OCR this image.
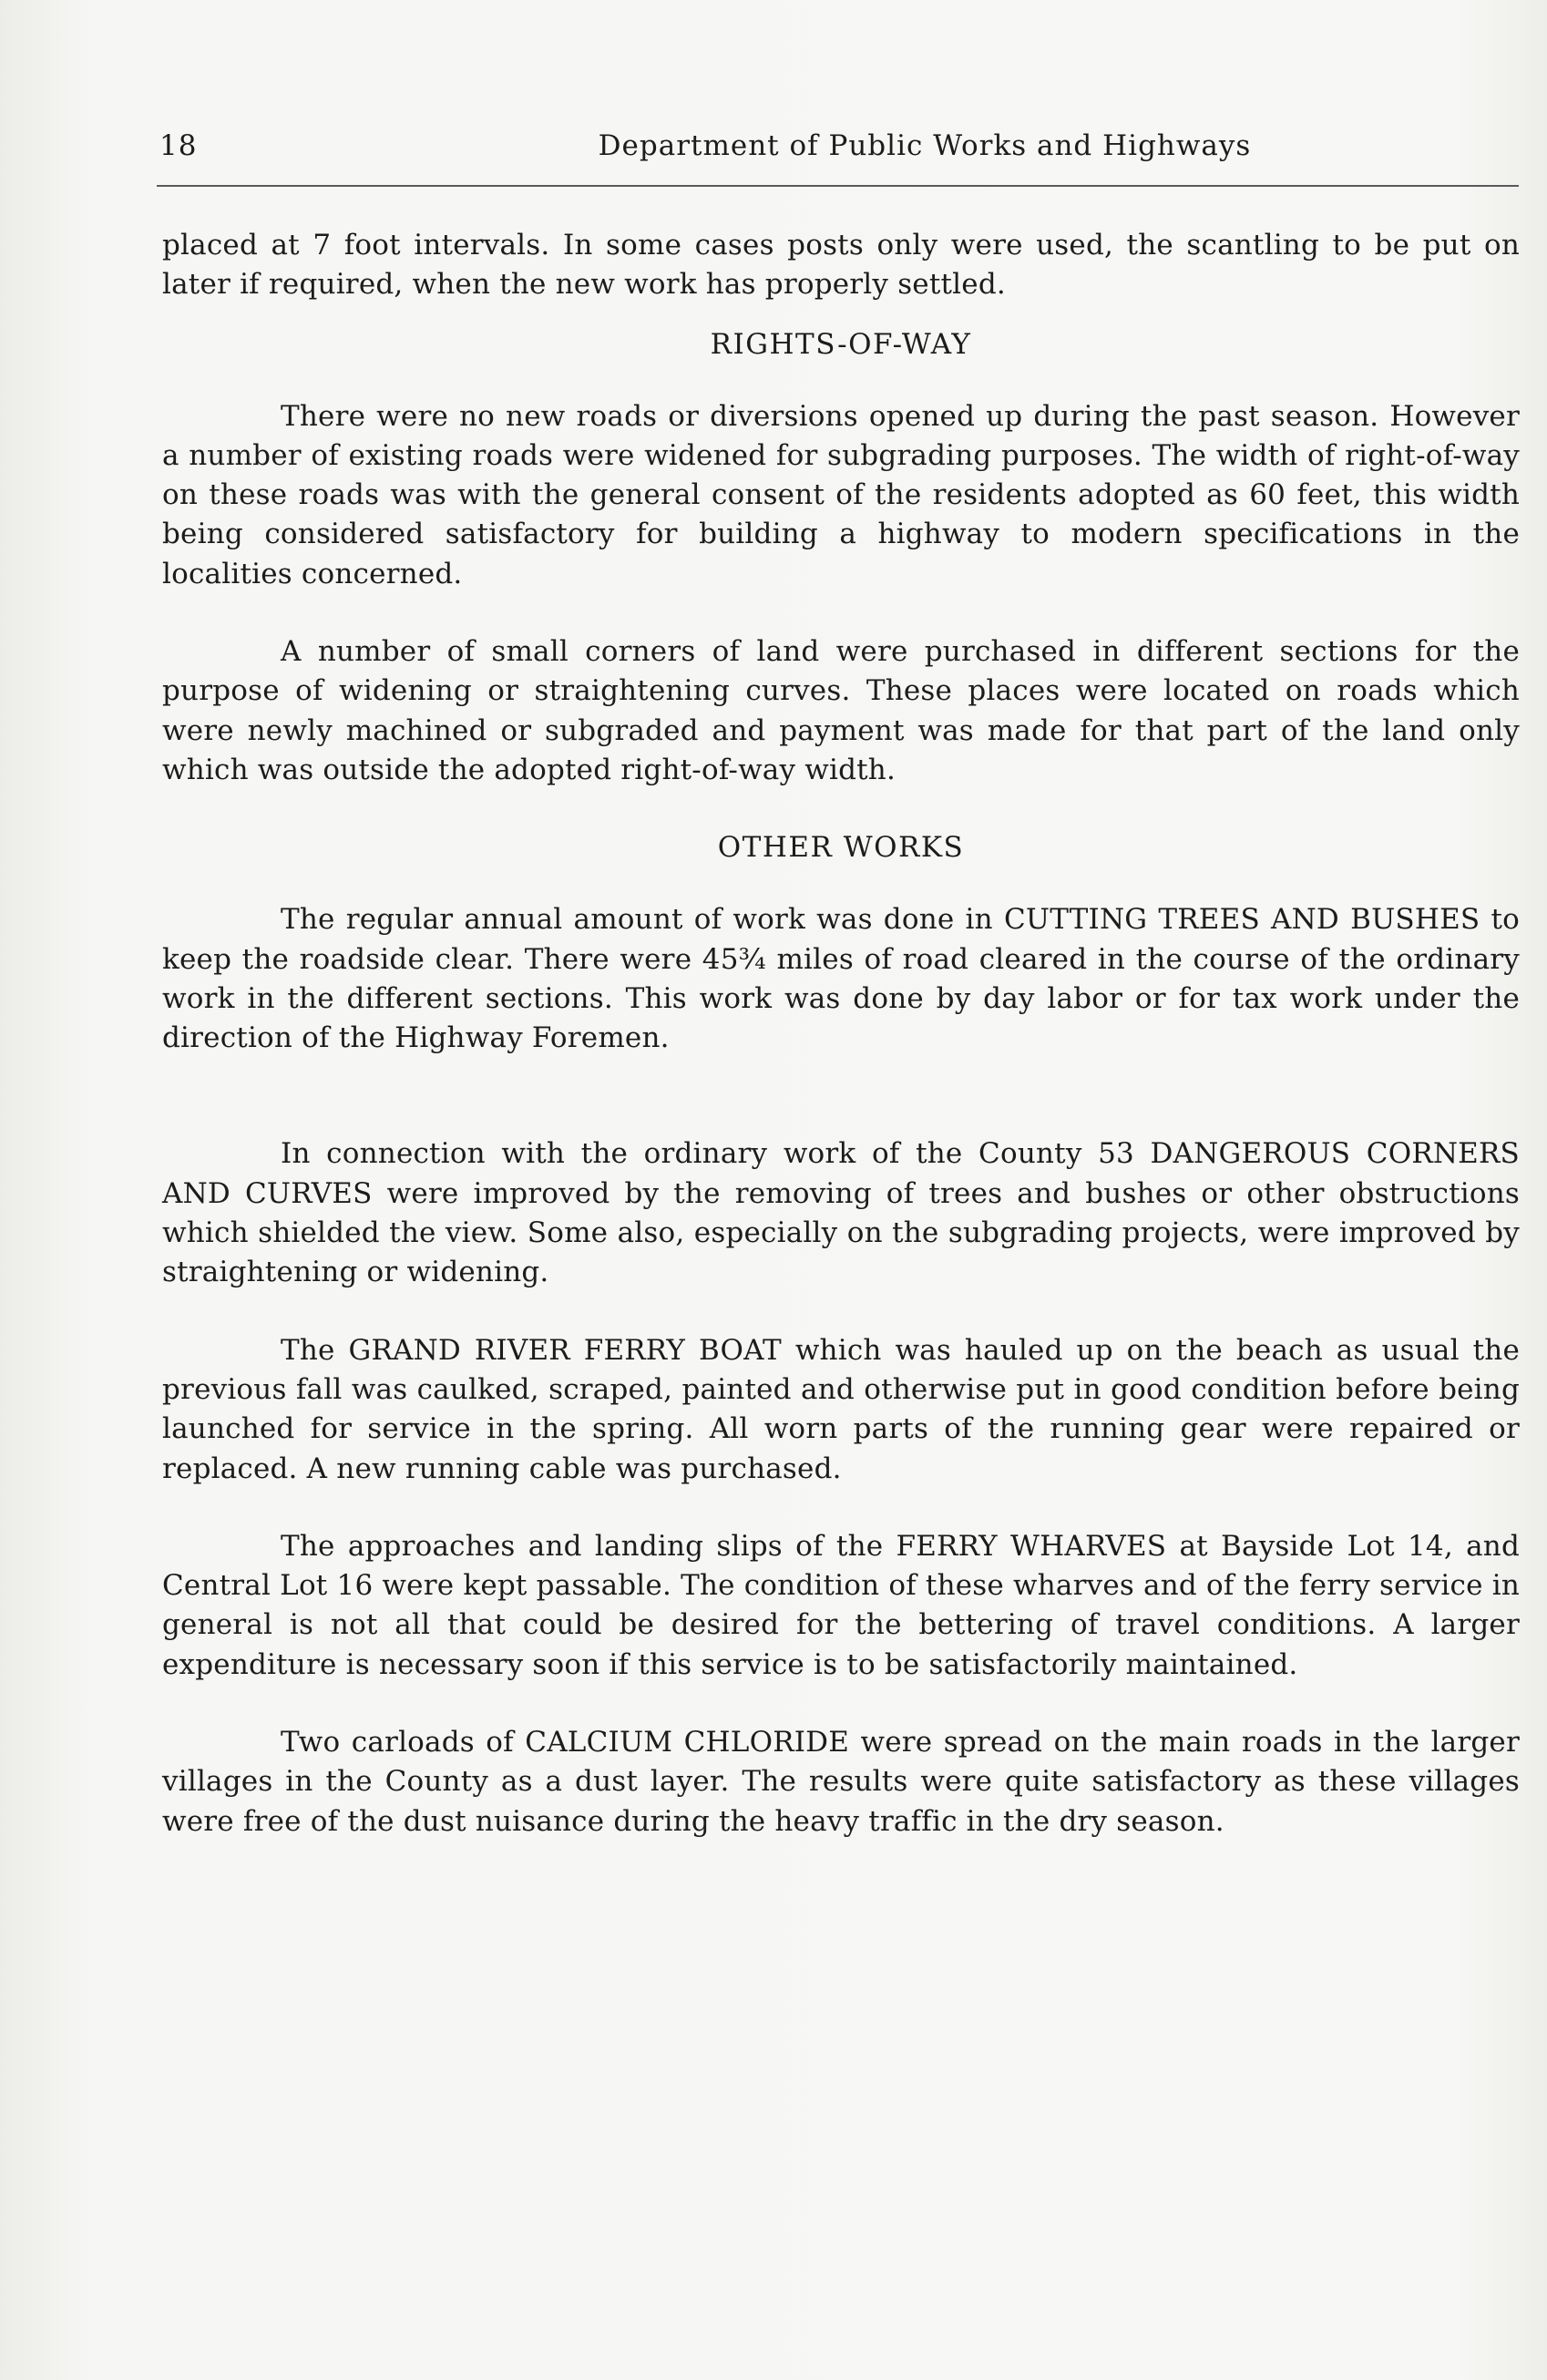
18	Department of Public Works and Highways

placed at 7 foot intervals. In some cases posts only were used, the scantling to be put on later if required, when the new work has properly settled.

RIGHTS-OF-WAY

There were no new roads or diversions opened up during the past season. However a number of existing roads were widened for subgrading purposes. The width of right-of-way on these roads was with the general consent of the residents adopted as 60 feet, this width being considered satisfactory for building a highway to modern specifications in the localities concerned.

A number of small corners of land were purchased in different sections for the purpose of widening or straightening curves. These places were located on roads which were newly machined or subgraded and payment was made for that part of the land only which was outside the adopted right-of-way width.

OTHER WORKS

The regular annual amount of work was done in CUTTING TREES AND BUSHES to keep the roadside clear. There were 45¾ miles of road cleared in the course of the ordinary work in the different sections. This work was done by day labor or for tax work under the direction of the Highway Foremen.

In connection with the ordinary work of the County 53 DANGEROUS CORNERS AND CURVES were improved by the removing of trees and bushes or other obstructions which shielded the view. Some also, especially on the subgrading projects, were improved by straightening or widening.

The GRAND RIVER FERRY BOAT which was hauled up on the beach as usual the previous fall was caulked, scraped, painted and otherwise put in good condition before being launched for service in the spring. All worn parts of the running gear were repaired or replaced. A new running cable was purchased.

The approaches and landing slips of the FERRY WHARVES at Bayside Lot 14, and Central Lot 16 were kept passable. The condition of these wharves and of the ferry service in general is not all that could be desired for the bettering of travel conditions. A larger expenditure is necessary soon if this service is to be satisfactorily maintained.

Two carloads of CALCIUM CHLORIDE were spread on the main roads in the larger villages in the County as a dust layer. The results were quite satisfactory as these villages were free of the dust nuisance during the heavy traffic in the dry season.
